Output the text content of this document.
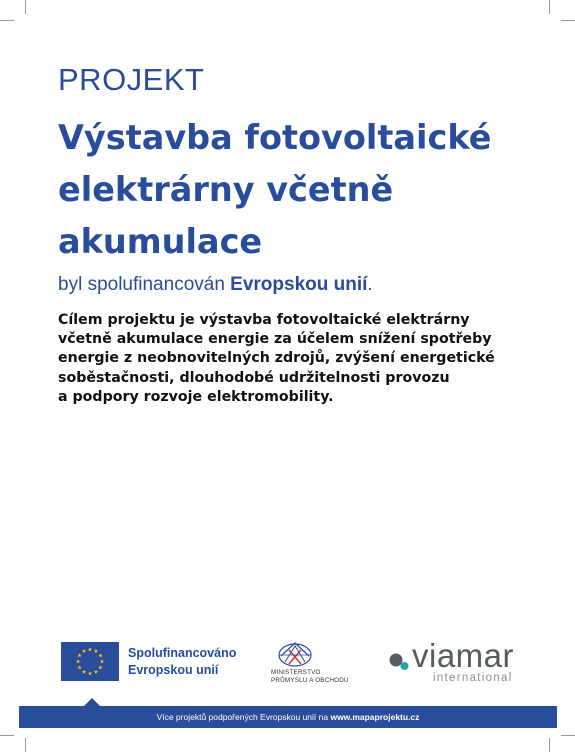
PROJEKT
Výstavba fotovoltaické
elektrárny včetně
akumulace
byl spolufinancován Evropskou unií.
Cílem projektu je výstavba fotovoltaické elektrárny
včetně akumulace energie za účelem snížení spotřeby
energie z neobnovitelných zdrojů, zvýšení energetické
soběstačnosti, dlouhodobé udržitelnosti provozu
a podpory rozvoje elektromobility.
Spolufinancováno
Evropskou unií	MINISTERSTVO
PRŮMYSLU A OBCHODU
viamar
international
Více projektů podpořených Evropskou unií na www.mapaprojektu.cz
